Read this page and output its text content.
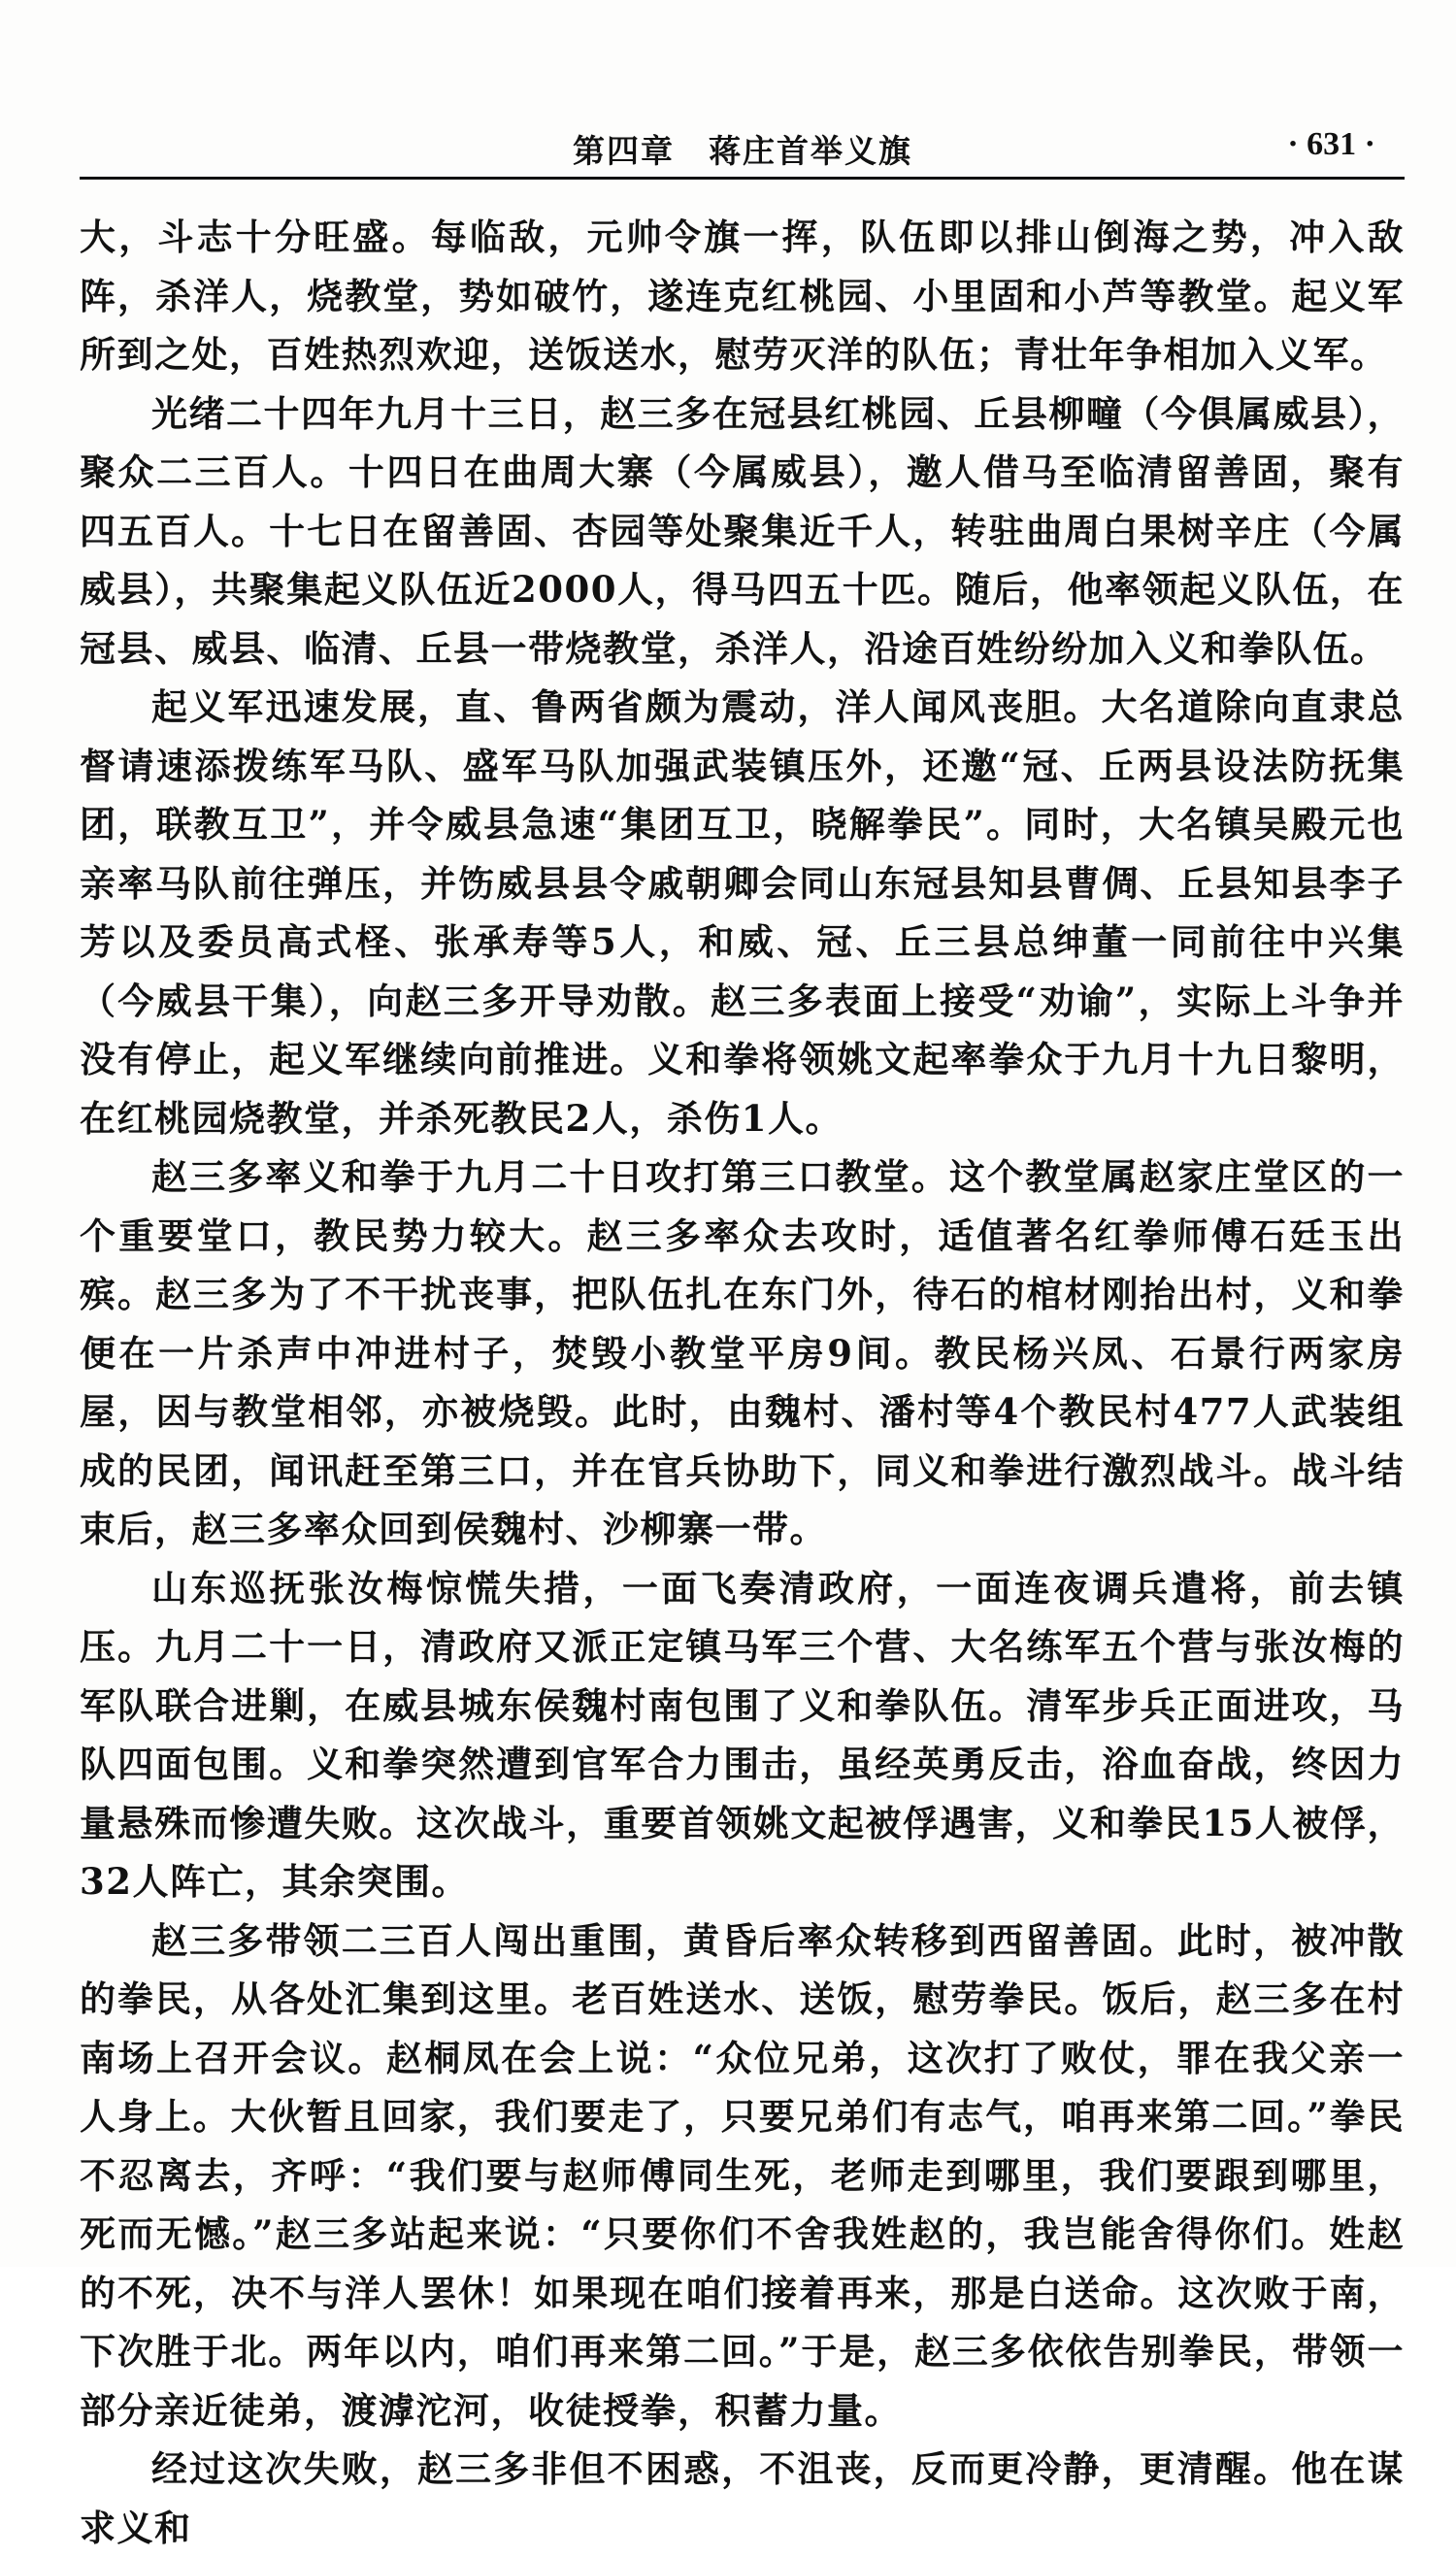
第四章　蒋庄首举义旗	· 631 ·

大，斗志十分旺盛。每临敌，元帅令旗一挥，队伍即以排山倒海之势，冲入敌阵，杀洋人，烧教堂，势如破竹，遂连克红桃园、小里固和小芦等教堂。起义军所到之处，百姓热烈欢迎，送饭送水，慰劳灭洋的队伍；青壮年争相加入义军。

光绪二十四年九月十三日，赵三多在冠县红桃园、丘县柳疃（今俱属威县），聚众二三百人。十四日在曲周大寨（今属威县），邀人借马至临清留善固，聚有四五百人。十七日在留善固、杏园等处聚集近千人，转驻曲周白果树辛庄（今属威县），共聚集起义队伍近2000人，得马四五十匹。随后，他率领起义队伍，在冠县、威县、临清、丘县一带烧教堂，杀洋人，沿途百姓纷纷加入义和拳队伍。

起义军迅速发展，直、鲁两省颇为震动，洋人闻风丧胆。大名道除向直隶总督请速添拨练军马队、盛军马队加强武装镇压外，还邀“冠、丘两县设法防抚集团，联教互卫”，并令威县急速“集团互卫，晓解拳民”。同时，大名镇吴殿元也亲率马队前往弹压，并饬威县县令戚朝卿会同山东冠县知县曹倜、丘县知县李子芳以及委员高式柽、张承寿等5人，和威、冠、丘三县总绅董一同前往中兴集（今威县干集），向赵三多开导劝散。赵三多表面上接受“劝谕”，实际上斗争并没有停止，起义军继续向前推进。义和拳将领姚文起率拳众于九月十九日黎明，在红桃园烧教堂，并杀死教民2人，杀伤1人。

赵三多率义和拳于九月二十日攻打第三口教堂。这个教堂属赵家庄堂区的一个重要堂口，教民势力较大。赵三多率众去攻时，适值著名红拳师傅石廷玉出殡。赵三多为了不干扰丧事，把队伍扎在东门外，待石的棺材刚抬出村，义和拳便在一片杀声中冲进村子，焚毁小教堂平房9间。教民杨兴凤、石景行两家房屋，因与教堂相邻，亦被烧毁。此时，由魏村、潘村等4个教民村477人武装组成的民团，闻讯赶至第三口，并在官兵协助下，同义和拳进行激烈战斗。战斗结束后，赵三多率众回到侯魏村、沙柳寨一带。

山东巡抚张汝梅惊慌失措，一面飞奏清政府，一面连夜调兵遣将，前去镇压。九月二十一日，清政府又派正定镇马军三个营、大名练军五个营与张汝梅的军队联合进剿，在威县城东侯魏村南包围了义和拳队伍。清军步兵正面进攻，马队四面包围。义和拳突然遭到官军合力围击，虽经英勇反击，浴血奋战，终因力量悬殊而惨遭失败。这次战斗，重要首领姚文起被俘遇害，义和拳民15人被俘，32人阵亡，其余突围。

赵三多带领二三百人闯出重围，黄昏后率众转移到西留善固。此时，被冲散的拳民，从各处汇集到这里。老百姓送水、送饭，慰劳拳民。饭后，赵三多在村南场上召开会议。赵桐凤在会上说：“众位兄弟，这次打了败仗，罪在我父亲一人身上。大伙暂且回家，我们要走了，只要兄弟们有志气，咱再来第二回。”拳民不忍离去，齐呼：“我们要与赵师傅同生死，老师走到哪里，我们要跟到哪里，死而无憾。”赵三多站起来说：“只要你们不舍我姓赵的，我岂能舍得你们。姓赵的不死，决不与洋人罢休！如果现在咱们接着再来，那是白送命。这次败于南，下次胜于北。两年以内，咱们再来第二回。”于是，赵三多依依告别拳民，带领一部分亲近徒弟，渡滹沱河，收徒授拳，积蓄力量。

经过这次失败，赵三多非但不困惑，不沮丧，反而更冷静，更清醒。他在谋求义和
